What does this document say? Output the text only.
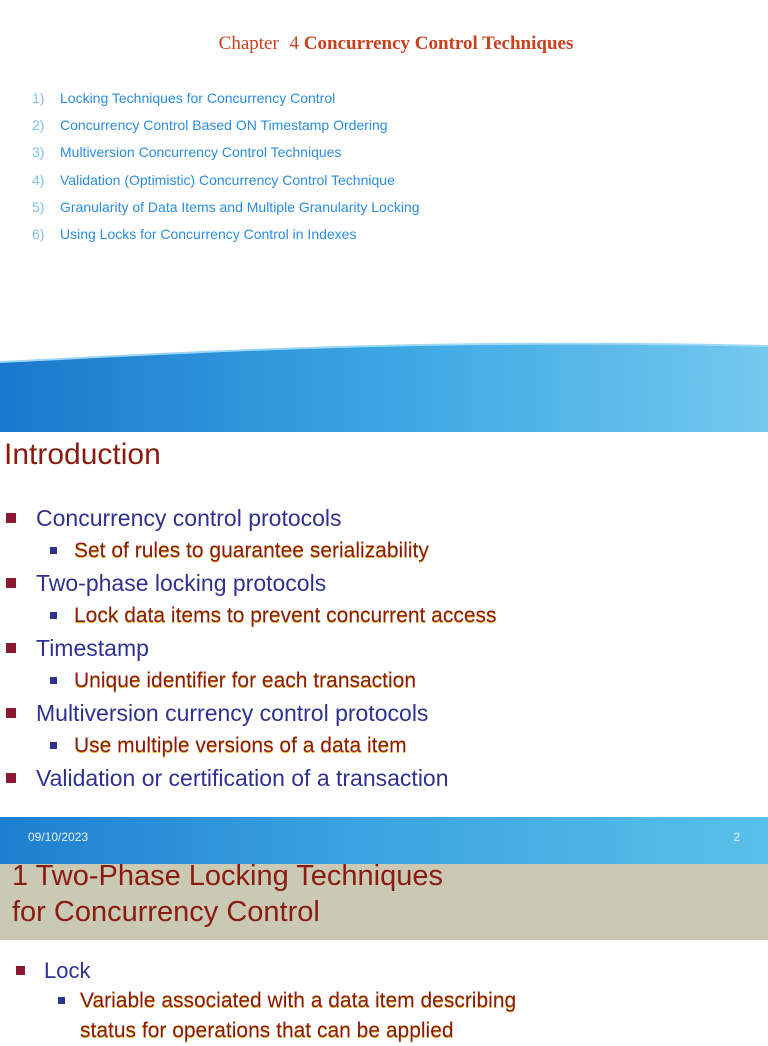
Chapter 4 Concurrency Control Techniques
1) Locking Techniques for Concurrency Control
2) Concurrency Control Based ON Timestamp Ordering
3) Multiversion Concurrency Control Techniques
4) Validation (Optimistic) Concurrency Control Technique
5) Granularity of Data Items and Multiple Granularity Locking
6) Using Locks for Concurrency Control in Indexes
Introduction
Concurrency control protocols
Set of rules to guarantee serializability
Two-phase locking protocols
Lock data items to prevent concurrent access
Timestamp
Unique identifier for each transaction
Multiversion currency control protocols
Use multiple versions of a data item
Validation or certification of a transaction
09/10/2023	2
1 Two-Phase Locking Techniques
for Concurrency Control
Lock
Variable associated with a data item describing
status for operations that can be applied
